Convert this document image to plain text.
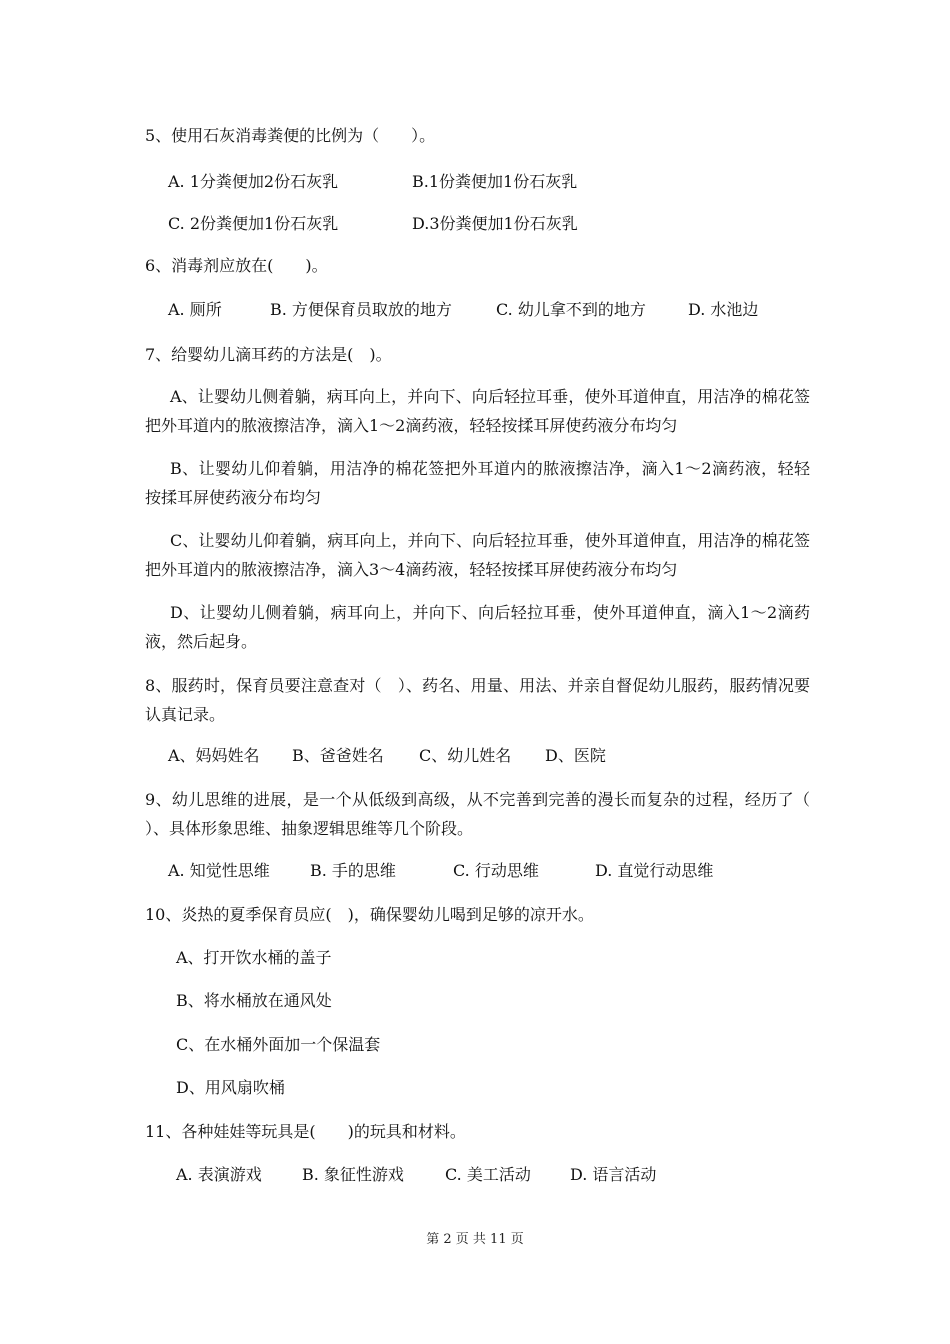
5、使用石灰消毒粪便的比例为（　　）。
A. 1分粪便加2份石灰乳	B.1份粪便加1份石灰乳
C. 2份粪便加1份石灰乳	D.3份粪便加1份石灰乳
6、消毒剂应放在(　　)。
A. 厕所	B. 方便保育员取放的地方	C. 幼儿拿不到的地方	D. 水池边
7、给婴幼儿滴耳药的方法是(　)。
A、让婴幼儿侧着躺，病耳向上，并向下、向后轻拉耳垂，使外耳道伸直，用洁净的棉花签把外耳道内的脓液擦洁净，滴入1～2滴药液，轻轻按揉耳屏使药液分布均匀
B、让婴幼儿仰着躺，用洁净的棉花签把外耳道内的脓液擦洁净，滴入1～2滴药液，轻轻按揉耳屏使药液分布均匀
C、让婴幼儿仰着躺，病耳向上，并向下、向后轻拉耳垂，使外耳道伸直，用洁净的棉花签把外耳道内的脓液擦洁净，滴入3～4滴药液，轻轻按揉耳屏使药液分布均匀
D、让婴幼儿侧着躺，病耳向上，并向下、向后轻拉耳垂，使外耳道伸直，滴入1～2滴药液，然后起身。
8、服药时，保育员要注意查对（　）、药名、用量、用法、并亲自督促幼儿服药，服药情况要认真记录。
A、妈妈姓名 B、爸爸姓名 C、幼儿姓名 D、医院
9、幼儿思维的进展，是一个从低级到高级，从不完善到完善的漫长而复杂的过程，经历了（　　）、具体形象思维、抽象逻辑思维等几个阶段。
A. 知觉性思维	B. 手的思维	C. 行动思维	D. 直觉行动思维
10、炎热的夏季保育员应(　)，确保婴幼儿喝到足够的凉开水。
A、打开饮水桶的盖子
B、将水桶放在通风处
C、在水桶外面加一个保温套
D、用风扇吹桶
11、各种娃娃等玩具是(　　)的玩具和材料。
A. 表演游戏	B. 象征性游戏	C. 美工活动 D. 语言活动
第 2 页 共 11 页
